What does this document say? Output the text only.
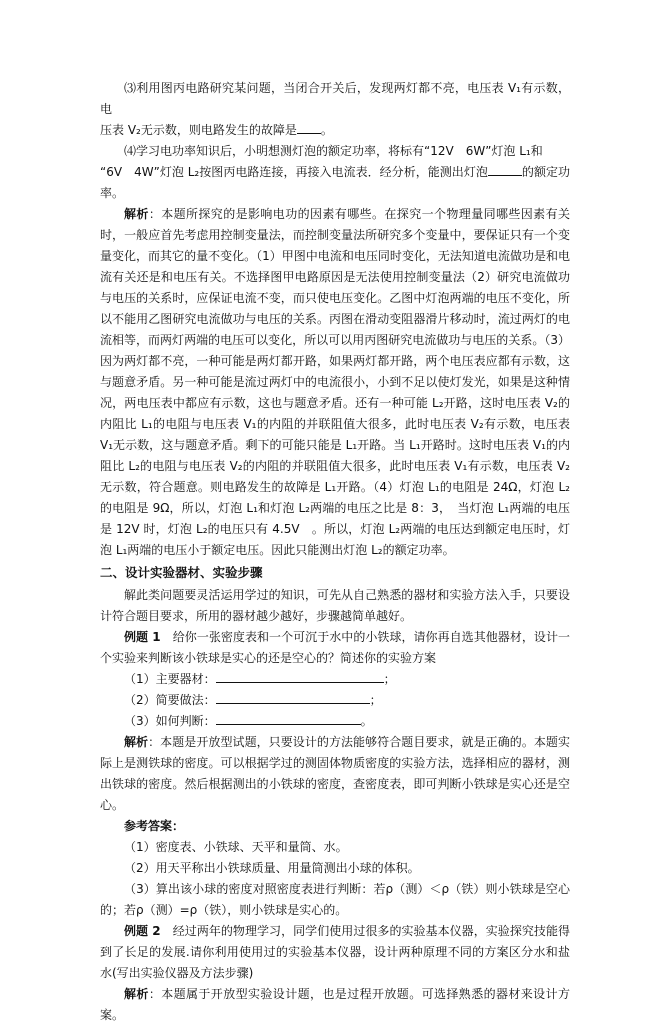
⑶利用图丙电路研究某问题，当闭合开关后，发现两灯都不亮，电压表 V₁有示数，电
压表 V₂无示数，则电路发生的故障是 。

⑷学习电功率知识后，小明想测灯泡的额定功率，将标有“12V　6W”灯泡 L₁和
“6V　4W”灯泡 L₂按图丙电路连接，再接入电流表．经分析，能测出灯泡	的额定功率。

解析：本题所探究的是影响电功的因素有哪些。在探究一个物理量同哪些因素有关时，一般应首先考虑用控制变量法，而控制变量法所研究多个变量中，要保证只有一个变量变化，而其它的量不变化。（1）甲图中电流和电压同时变化，无法知道电流做功是和电流有关还是和电压有关。不选择图甲电路原因是无法使用控制变量法（2）研究电流做功与电压的关系时，应保证电流不变，而只使电压变化。乙图中灯泡两端的电压不变化，所以不能用乙图研究电流做功与电压的关系。丙图在滑动变阻器滑片移动时，流过两灯的电流相等，而两灯两端的电压可以变化，所以可以用丙图研究电流做功与电压的关系。（3）因为两灯都不亮，一种可能是两灯都开路，如果两灯都开路，两个电压表应都有示数，这与题意矛盾。另一种可能是流过两灯中的电流很小，小到不足以使灯发光，如果是这种情况，两电压表中都应有示数，这也与题意矛盾。还有一种可能 L₂开路，这时电压表 V₂的内阻比 L₁的电阻与电压表 V₁的内阻的并联阻值大很多，此时电压表 V₂有示数，电压表 V₁无示数，这与题意矛盾。剩下的可能只能是 L₁开路。当 L₁开路时。这时电压表 V₁的内阻比 L₂的电阻与电压表 V₂的内阻的并联阻值大很多，此时电压表 V₁有示数，电压表 V₂无示数，符合题意。则电路发生的故障是 L₁开路。（4）灯泡 L₁的电阻是 24Ω，灯泡 L₂的电阻是 9Ω，所以，灯泡 L₁和灯泡 L₂两端的电压之比是 8：3，　当灯泡 L₁两端的电压是 12V 时，灯泡 L₂的电压只有 4.5V　。所以，灯泡 L₂两端的电压达到额定电压时，灯泡 L₁两端的电压小于额定电压。因此只能测出灯泡 L₂的额定功率。

二、设计实验器材、实验步骤

解此类问题要灵活运用学过的知识，可先从自己熟悉的器材和实验方法入手，只要设计符合题目要求，所用的器材越少越好，步骤越简单越好。

例题 1　给你一张密度表和一个可沉于水中的小铁球，请你再自选其他器材，设计一个实验来判断该小铁球是实心的还是空心的？简述你的实验方案

（1）主要器材：	；

（2）简要做法：	；

（3）如何判断：	。

解析：本题是开放型试题，只要设计的方法能够符合题目要求，就是正确的。本题实际上是测铁球的密度。可以根据学过的测固体物质密度的实验方法，选择相应的器材，测出铁球的密度。然后根据测出的小铁球的密度，查密度表，即可判断小铁球是实心还是空心。

参考答案：

（1）密度表、小铁球、天平和量筒、水。

（2）用天平称出小铁球质量、用量筒测出小球的体积。

（3）算出该小球的密度对照密度表进行判断：若ρ（测）＜ρ（铁）则小铁球是空心的；若ρ（测）=ρ（铁），则小铁球是实心的。

例题 2　经过两年的物理学习，同学们使用过很多的实验基本仪器，实验探究技能得到了长足的发展.请你利用使用过的实验基本仪器，设计两种原理不同的方案区分水和盐水(写出实验仪器及方法步骤)

解析：本题属于开放型实验设计题，也是过程开放题。可选择熟悉的器材来设计方案。
